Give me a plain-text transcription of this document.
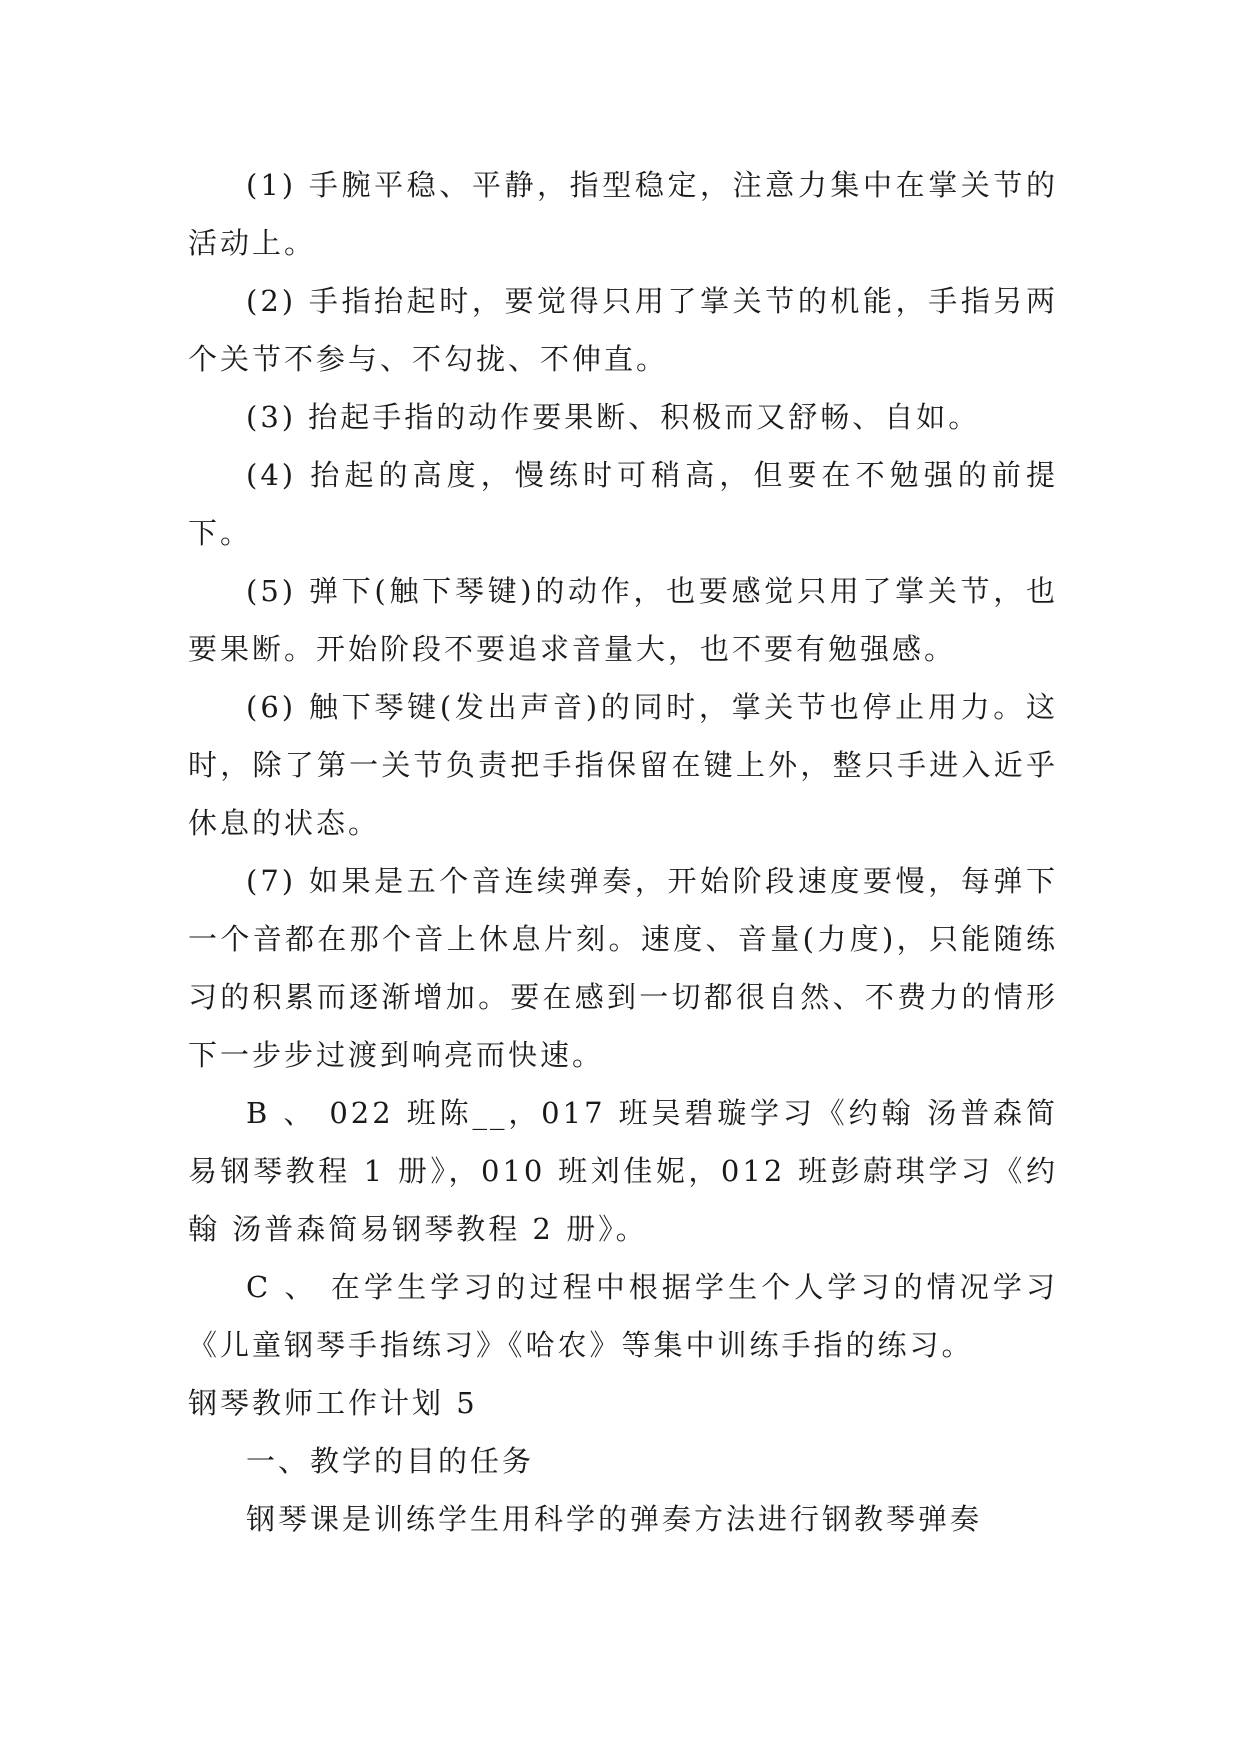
(1) 手腕平稳、平静，指型稳定，注意力集中在掌关节的活动上。

(2) 手指抬起时，要觉得只用了掌关节的机能，手指另两个关节不参与、不勾拢、不伸直。

(3) 抬起手指的动作要果断、积极而又舒畅、自如。

(4) 抬起的高度，慢练时可稍高，但要在不勉强的前提下。

(5) 弹下(触下琴键)的动作，也要感觉只用了掌关节，也要果断。开始阶段不要追求音量大，也不要有勉强感。

(6) 触下琴键(发出声音)的同时，掌关节也停止用力。这时，除了第一关节负责把手指保留在键上外，整只手进入近乎休息的状态。

(7) 如果是五个音连续弹奏，开始阶段速度要慢，每弹下一个音都在那个音上休息片刻。速度、音量(力度)，只能随练习的积累而逐渐增加。要在感到一切都很自然、不费力的情形下一步步过渡到响亮而快速。

B 、 022 班陈__，017 班吴碧璇学习《约翰 汤普森简易钢琴教程 1 册》，010 班刘佳妮，012 班彭蔚琪学习《约翰 汤普森简易钢琴教程 2 册》。

C 、 在学生学习的过程中根据学生个人学习的情况学习《儿童钢琴手指练习》《哈农》等集中训练手指的练习。

钢琴教师工作计划 5

一、教学的目的任务

钢琴课是训练学生用科学的弹奏方法进行钢教琴弹奏
